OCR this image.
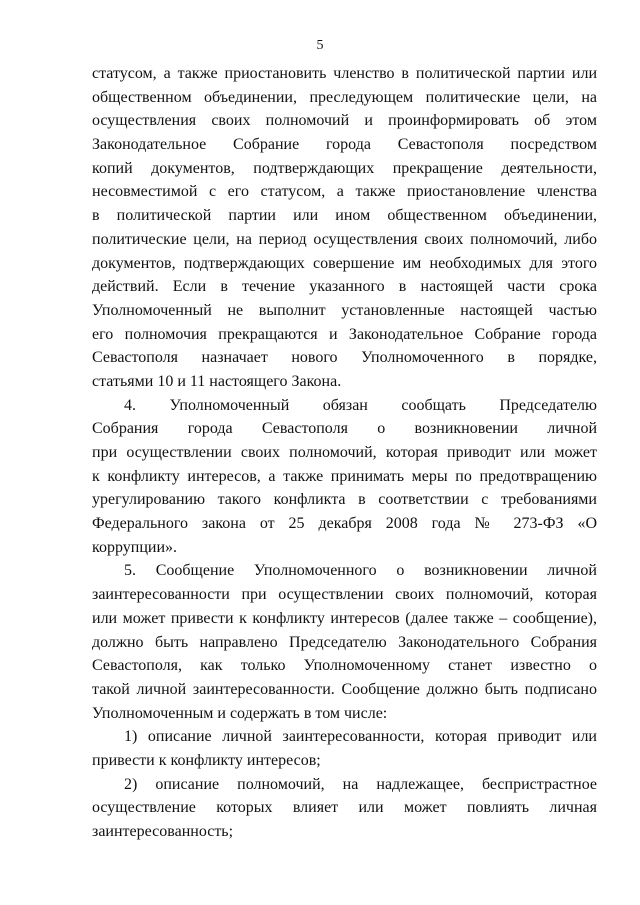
5
статусом, а также приостановить членство в политической партии или
общественном объединении, преследующем политические цели, на
осуществления своих полномочий и проинформировать об этом
Законодательное Собрание города Севастополя посредством
копий документов, подтверждающих прекращение деятельности,
несовместимой с его статусом, а также приостановление членства
в политической партии или ином общественном объединении,
политические цели, на период осуществления своих полномочий, либо
документов, подтверждающих совершение им необходимых для этого
действий. Если в течение указанного в настоящей части срока
Уполномоченный не выполнит установленные настоящей частью
его полномочия прекращаются и Законодательное Собрание города
Севастополя назначает нового Уполномоченного в порядке,
статьями 10 и 11 настоящего Закона.
4. Уполномоченный обязан сообщать Председателю
Собрания города Севастополя о возникновении личной
при осуществлении своих полномочий, которая приводит или может
к конфликту интересов, а также принимать меры по предотвращению
урегулированию такого конфликта в соответствии с требованиями
Федерального закона от 25 декабря 2008 года № 273-ФЗ «О
коррупции».
5. Сообщение Уполномоченного о возникновении личной
заинтересованности при осуществлении своих полномочий, которая
или может привести к конфликту интересов (далее также – сообщение),
должно быть направлено Председателю Законодательного Собрания
Севастополя, как только Уполномоченному станет известно о
такой личной заинтересованности. Сообщение должно быть подписано
Уполномоченным и содержать в том числе:
1) описание личной заинтересованности, которая приводит или
привести к конфликту интересов;
2) описание полномочий, на надлежащее, беспристрастное
осуществление которых влияет или может повлиять личная
заинтересованность;
